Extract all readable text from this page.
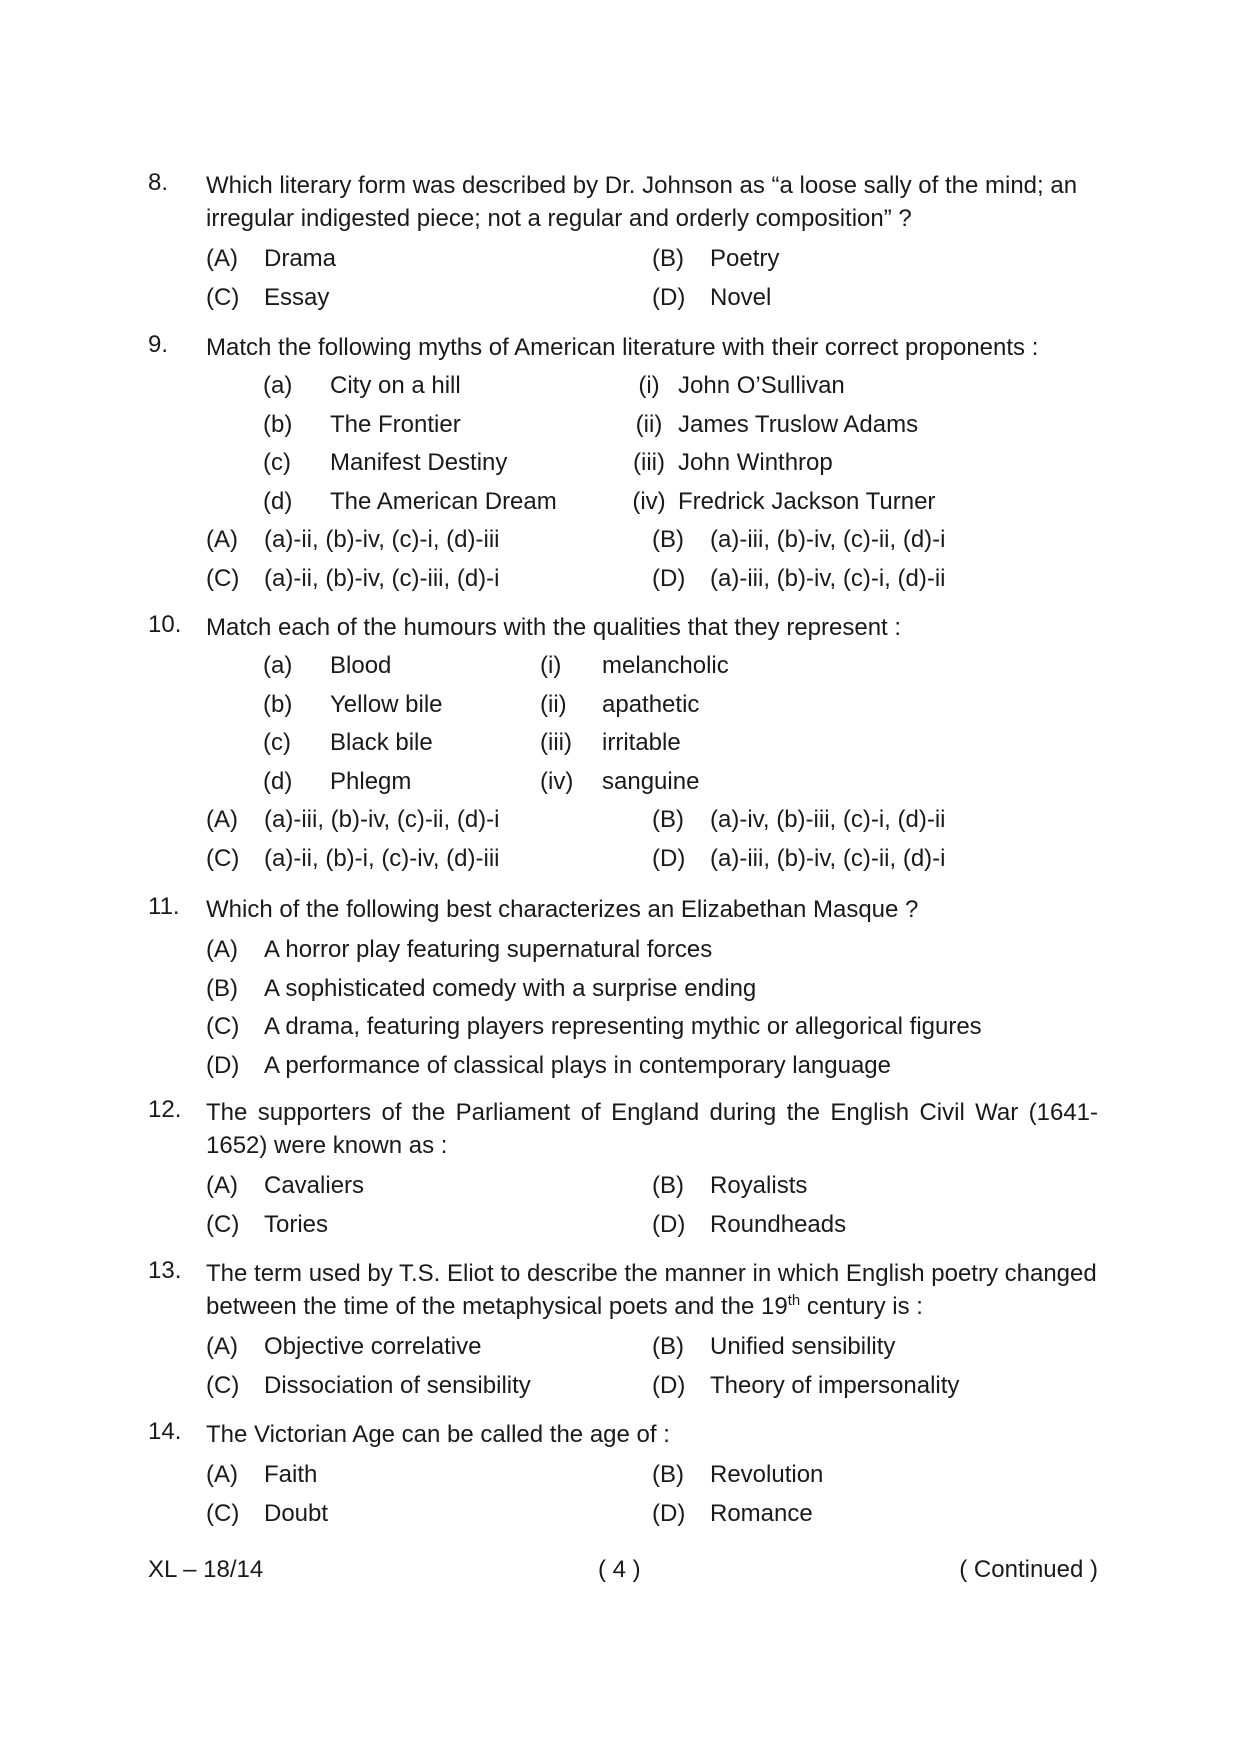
8. Which literary form was described by Dr. Johnson as “a loose sally of the mind; an irregular indigested piece; not a regular and orderly composition” ?
(A)	Drama	(B)	Poetry
(C)	Essay	(D)	Novel
9. Match the following myths of American literature with their correct proponents :
(a)	City on a hill	(i) John O’Sullivan
(b)	The Frontier	(ii) James Truslow Adams
(c)	Manifest Destiny	(iii) John Winthrop
(d)	The American Dream	(iv) Fredrick Jackson Turner
(A)	(a)-ii, (b)-iv, (c)-i, (d)-iii	(B)	(a)-iii, (b)-iv, (c)-ii, (d)-i
(C)	(a)-ii, (b)-iv, (c)-iii, (d)-i	(D)	(a)-iii, (b)-iv, (c)-i, (d)-ii
10. Match each of the humours with the qualities that they represent :
(a)	Blood	(i)	melancholic
(b)	Yellow bile	(ii)	apathetic
(c)	Black bile	(iii)	irritable
(d)	Phlegm	(iv)	sanguine
(A)	(a)-iii, (b)-iv, (c)-ii, (d)-i	(B)	(a)-iv, (b)-iii, (c)-i, (d)-ii
(C)	(a)-ii, (b)-i, (c)-iv, (d)-iii	(D)	(a)-iii, (b)-iv, (c)-ii, (d)-i
11. Which of the following best characterizes an Elizabethan Masque ?
(A)	A horror play featuring supernatural forces
(B)	A sophisticated comedy with a surprise ending
(C)	A drama, featuring players representing mythic or allegorical figures
(D)	A performance of classical plays in contemporary language
12. The supporters of the Parliament of England during the English Civil War (1641-1652) were known as :
(A)	Cavaliers	(B)	Royalists
(C)	Tories	(D)	Roundheads
13. The term used by T.S. Eliot to describe the manner in which English poetry changed between the time of the metaphysical poets and the 19th century is :
(A)	Objective correlative	(B)	Unified sensibility
(C)	Dissociation of sensibility	(D)	Theory of impersonality
14. The Victorian Age can be called the age of :
(A)	Faith	(B)	Revolution
(C)	Doubt	(D)	Romance
XL – 18/14	( 4 )	( Continued )
